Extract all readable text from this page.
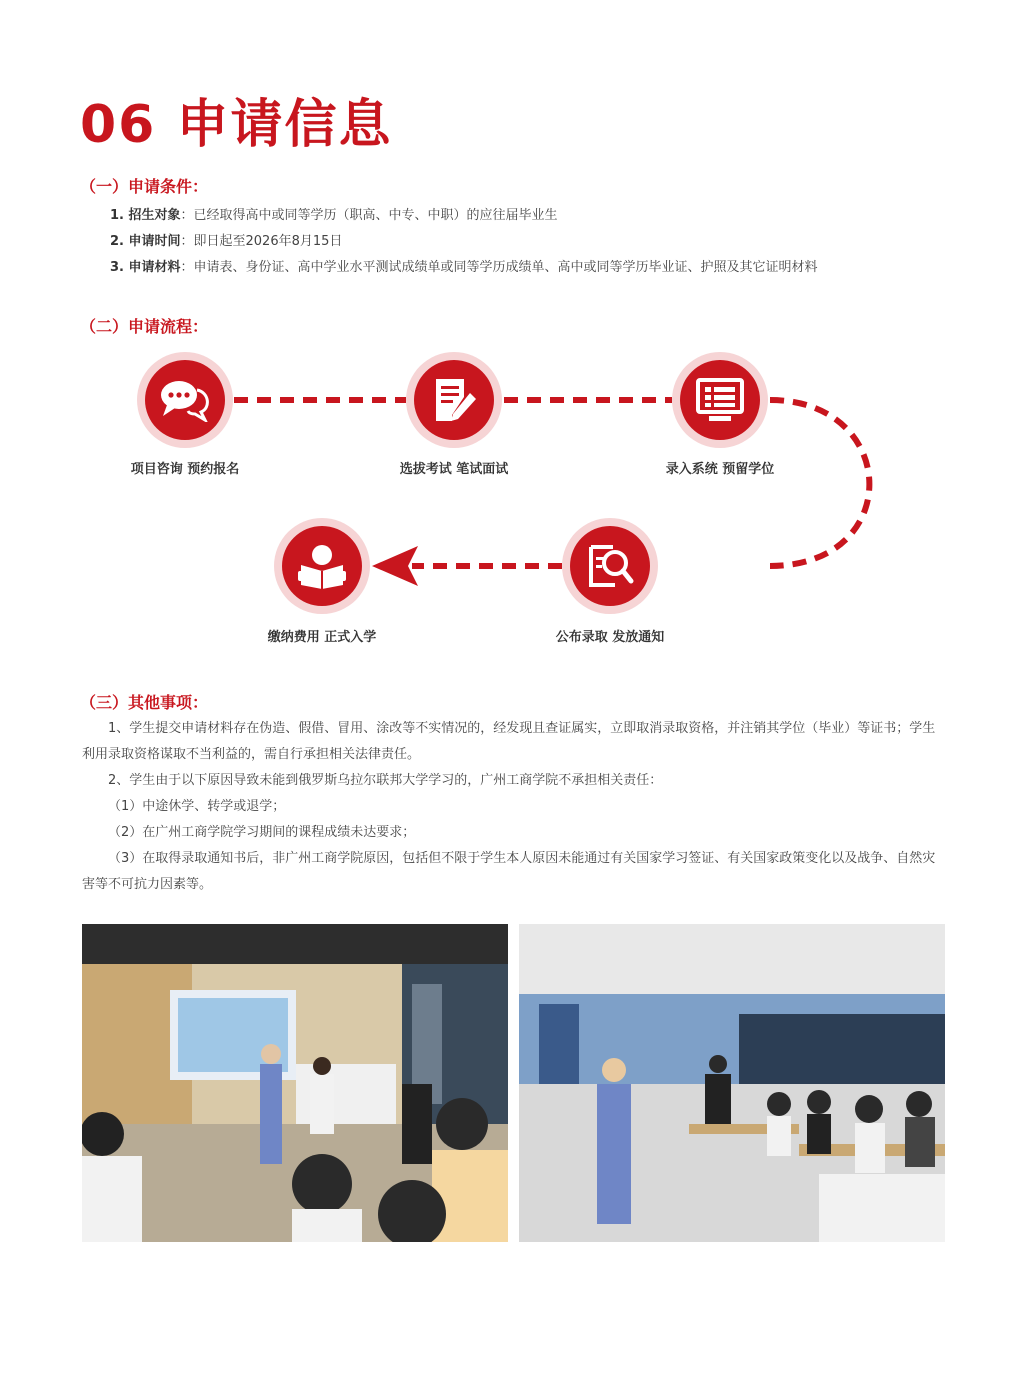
06 申请信息
（一）申请条件：
1. 招生对象：已经取得高中或同等学历（职高、中专、中职）的应往届毕业生
2. 申请时间：即日起至2026年8月15日
3. 申请材料：申请表、身份证、高中学业水平测试成绩单或同等学历成绩单、高中或同等学历毕业证、护照及其它证明材料
（二）申请流程：
项目咨询 预约报名	选拔考试 笔试面试	录入系统 预留学位
公布录取 发放通知
缴纳费用 正式入学
（三）其他事项：

1、学生提交申请材料存在伪造、假借、冒用、涂改等不实情况的，经发现且查证属实，立即取消录取资格，并注销其学位（毕业）等证书；学生利用录取资格谋取不当利益的，需自行承担相关法律责任。

2、学生由于以下原因导致未能到俄罗斯乌拉尔联邦大学学习的，广州工商学院不承担相关责任：

（1）中途休学、转学或退学；

（2）在广州工商学院学习期间的课程成绩未达要求；

（3）在取得录取通知书后，非广州工商学院原因，包括但不限于学生本人原因未能通过有关国家学习签证、有关国家政策变化以及战争、自然灾害等不可抗力因素等。
